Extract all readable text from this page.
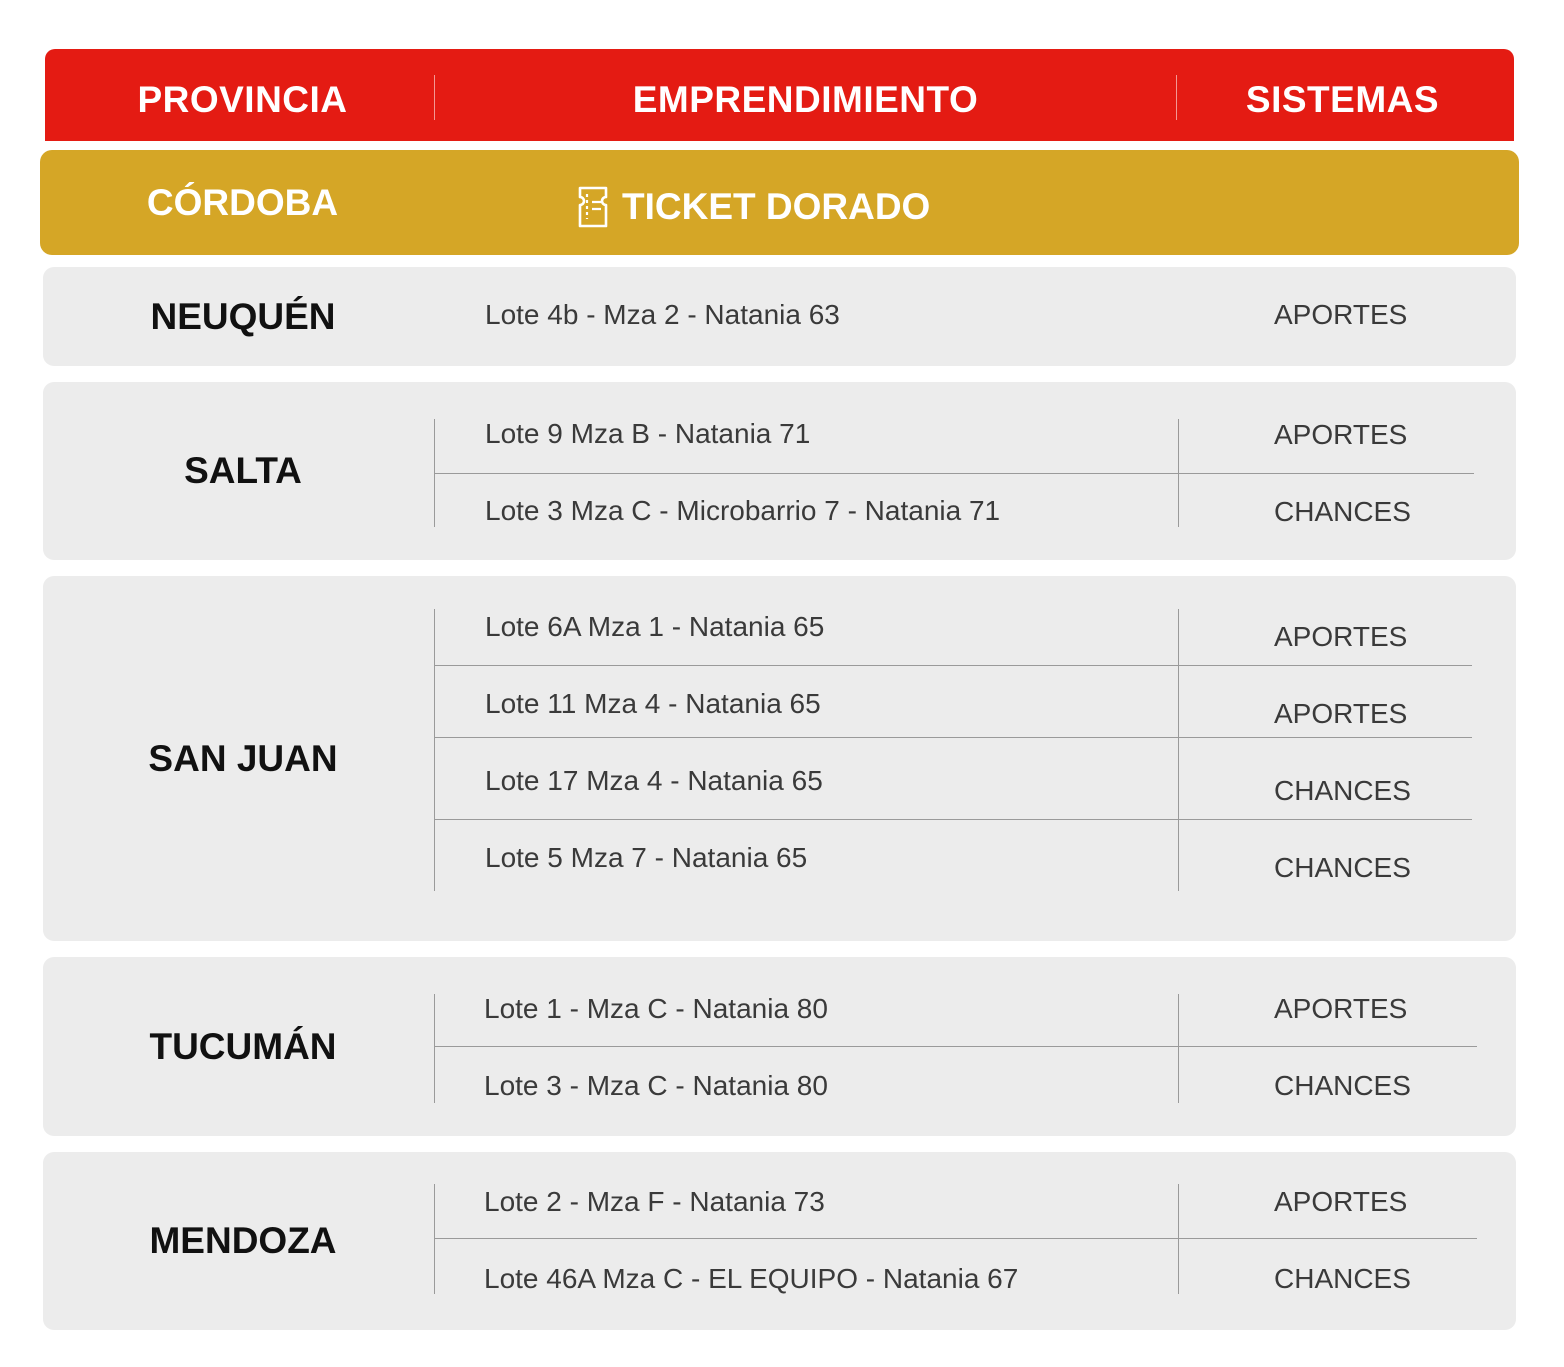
PROVINCIA	EMPRENDIMIENTO	SISTEMAS
CÓRDOBA	TICKET DORADO
NEUQUÉN	Lote 4b - Mza 2 - Natania 63	APORTES
SALTA
Lote 9 Mza B - Natania 71	APORTES
Lote 3 Mza C - Microbarrio 7 - Natania 71	CHANCES
SAN JUAN
Lote 6A Mza 1 - Natania 65	APORTES
Lote 11 Mza 4 - Natania 65	APORTES
Lote 17 Mza 4 - Natania 65	CHANCES
Lote 5 Mza 7 - Natania 65	CHANCES
TUCUMÁN
Lote 1 - Mza C - Natania 80	APORTES
Lote 3 - Mza C - Natania 80	CHANCES
MENDOZA
Lote 2 - Mza F - Natania 73	APORTES
Lote 46A Mza C - EL EQUIPO - Natania 67	CHANCES
